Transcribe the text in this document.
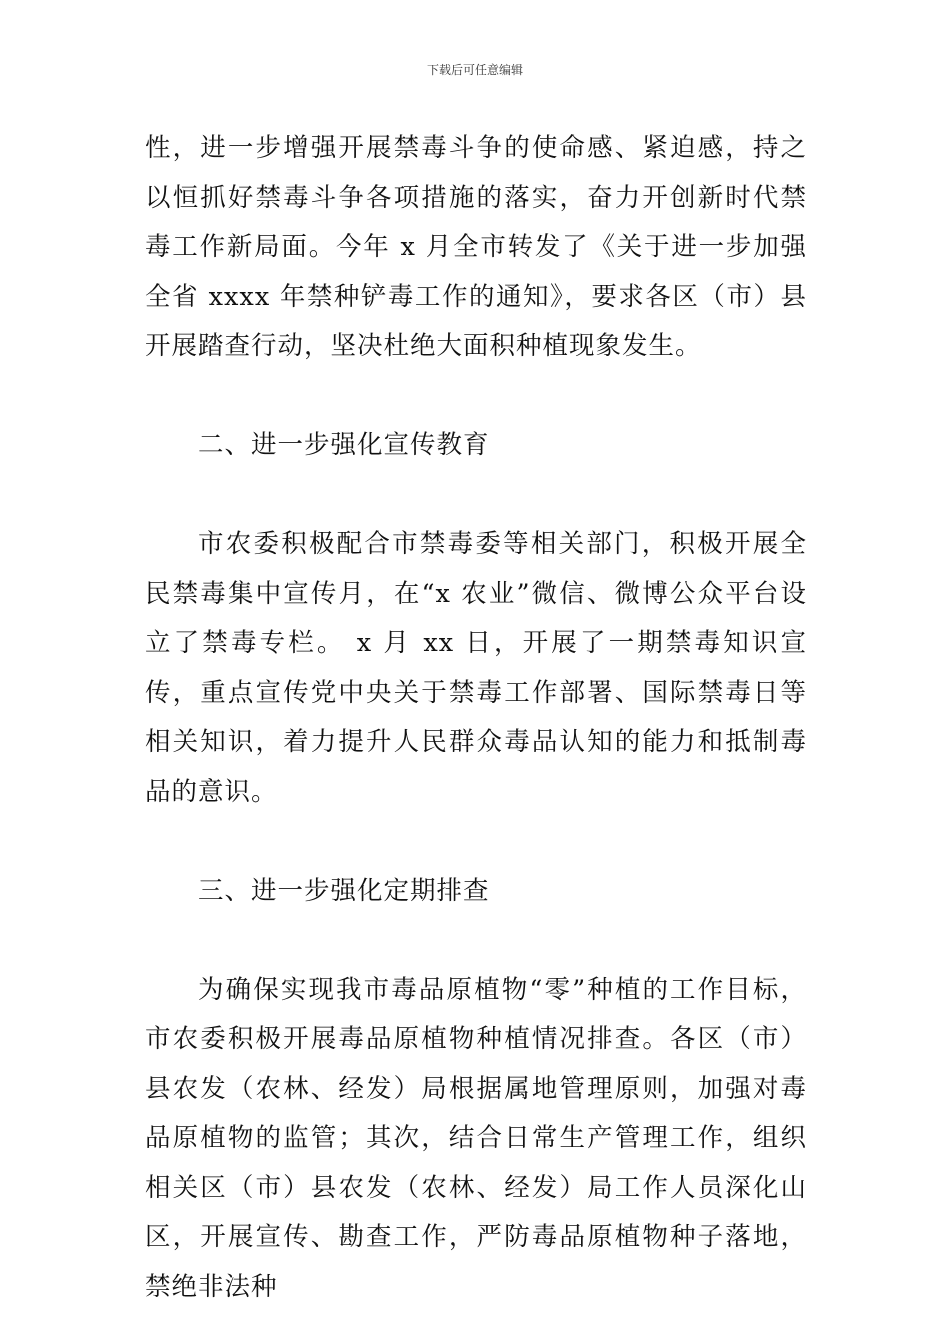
下载后可任意编辑

性，进一步增强开展禁毒斗争的使命感、紧迫感，持之以恒抓好禁毒斗争各项措施的落实，奋力开创新时代禁毒工作新局面。今年 x 月全市转发了《关于进一步加强全省 xxxx 年禁种铲毒工作的通知》，要求各区（市）县开展踏查行动，坚决杜绝大面积种植现象发生。

二、进一步强化宣传教育

市农委积极配合市禁毒委等相关部门，积极开展全民禁毒集中宣传月，在“x 农业”微信、微博公众平台设立了禁毒专栏。 x 月 xx 日，开展了一期禁毒知识宣传，重点宣传党中央关于禁毒工作部署、国际禁毒日等相关知识，着力提升人民群众毒品认知的能力和抵制毒品的意识。

三、进一步强化定期排查

为确保实现我市毒品原植物“零”种植的工作目标，市农委积极开展毒品原植物种植情况排查。各区（市）县农发（农林、经发）局根据属地管理原则，加强对毒品原植物的监管；其次，结合日常生产管理工作，组织相关区（市）县农发（农林、经发）局工作人员深化山区，开展宣传、勘查工作，严防毒品原植物种子落地，禁绝非法种
